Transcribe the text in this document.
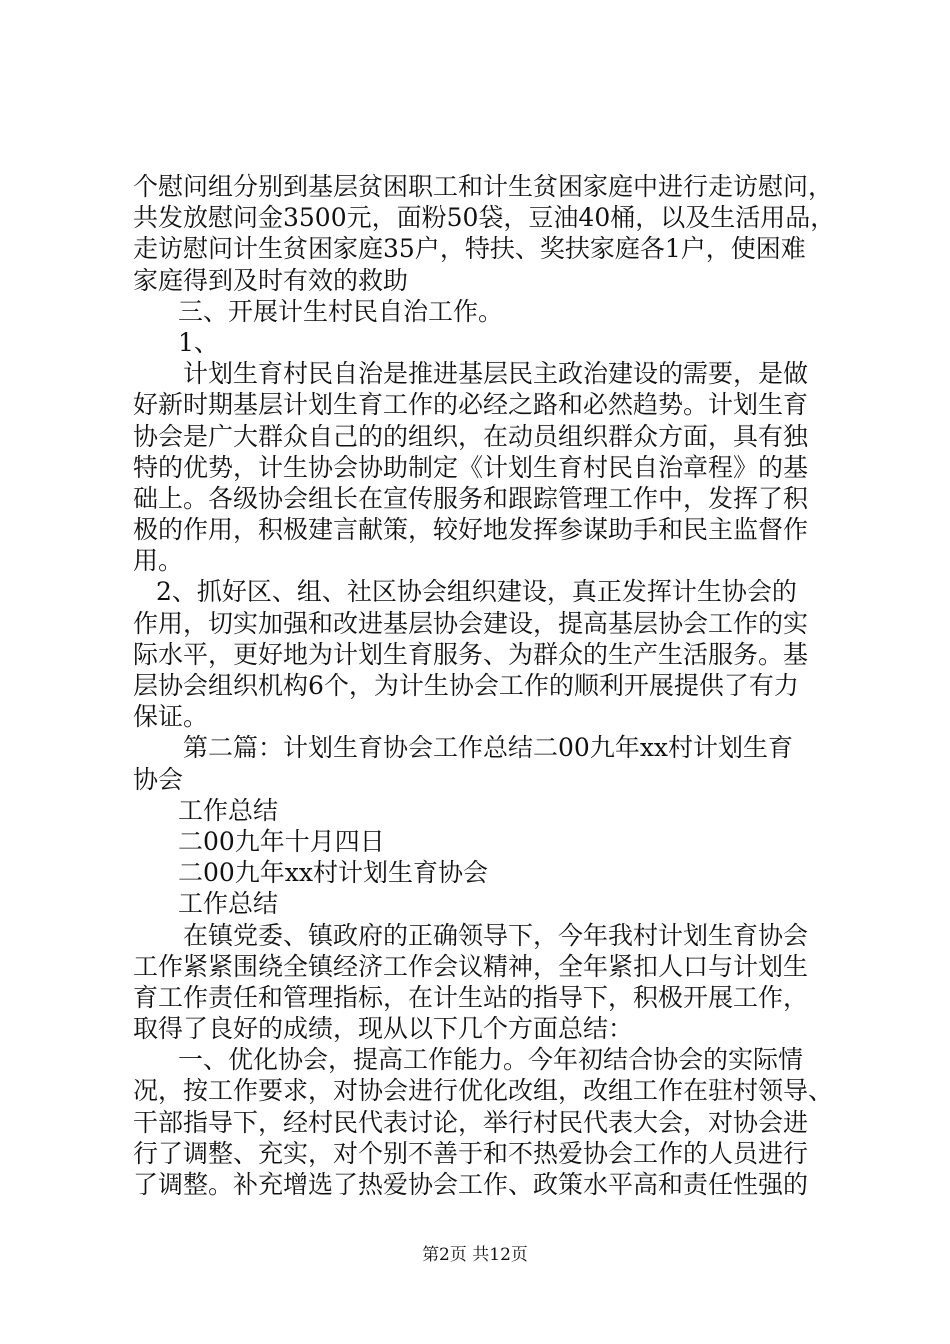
个慰问组分别到基层贫困职工和计生贫困家庭中进行走访慰问，
共发放慰问金3500元，面粉50袋，豆油40桶，以及生活用品，
走访慰问计生贫困家庭35户，特扶、奖扶家庭各1户，使困难
家庭得到及时有效的救助
三、开展计生村民自治工作。
1、
计划生育村民自治是推进基层民主政治建设的需要，是做
好新时期基层计划生育工作的必经之路和必然趋势。计划生育
协会是广大群众自己的的组织，在动员组织群众方面，具有独
特的优势，计生协会协助制定《计划生育村民自治章程》的基
础上。各级协会组长在宣传服务和跟踪管理工作中，发挥了积
极的作用，积极建言献策，较好地发挥参谋助手和民主监督作
用。
2、抓好区、组、社区协会组织建设，真正发挥计生协会的
作用，切实加强和改进基层协会建设，提高基层协会工作的实
际水平，更好地为计划生育服务、为群众的生产生活服务。基
层协会组织机构6个，为计生协会工作的顺利开展提供了有力
保证。
第二篇：计划生育协会工作总结二00九年xx村计划生育
协会
工作总结
二00九年十月四日
二00九年xx村计划生育协会
工作总结
在镇党委、镇政府的正确领导下，今年我村计划生育协会
工作紧紧围绕全镇经济工作会议精神，全年紧扣人口与计划生
育工作责任和管理指标，在计生站的指导下，积极开展工作，
取得了良好的成绩，现从以下几个方面总结：
一、优化协会，提高工作能力。今年初结合协会的实际情
况，按工作要求，对协会进行优化改组，改组工作在驻村领导、
干部指导下，经村民代表讨论，举行村民代表大会，对协会进
行了调整、充实，对个别不善于和不热爱协会工作的人员进行
了调整。补充增选了热爱协会工作、政策水平高和责任性强的
第2页 共12页
